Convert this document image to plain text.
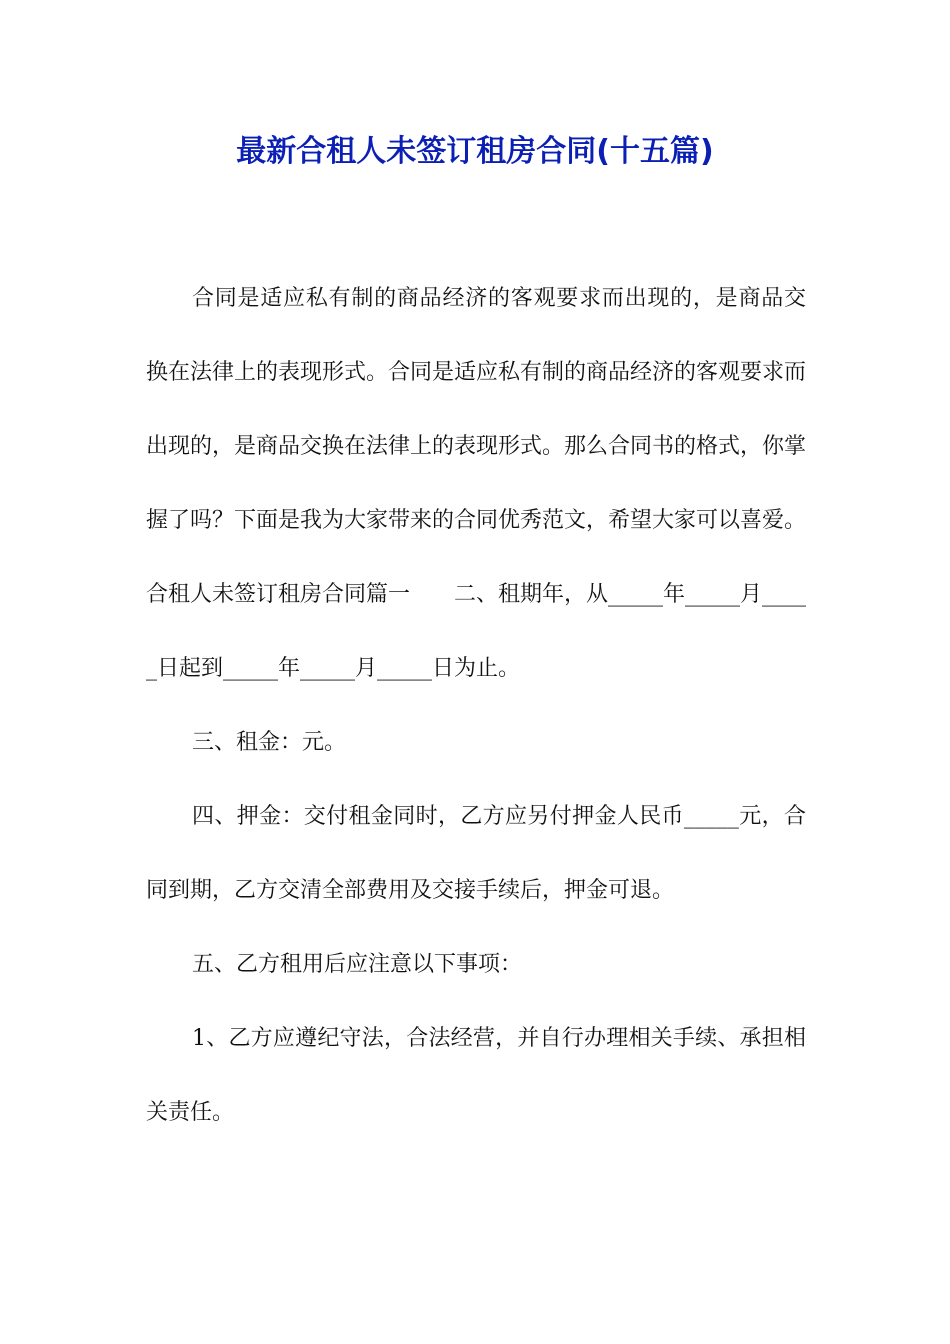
最新合租人未签订租房合同(十五篇)

合同是适应私有制的商品经济的客观要求而出现的，是商品交换在法律上的表现形式。合同是适应私有制的商品经济的客观要求而出现的，是商品交换在法律上的表现形式。那么合同书的格式，你掌握了吗？下面是我为大家带来的合同优秀范文，希望大家可以喜爱。

合租人未签订租房合同篇一　　二、租期年，从_____年_____月_____日起到_____年_____月_____日为止。

三、租金：元。

四、押金：交付租金同时，乙方应另付押金人民币_____元，合同到期，乙方交清全部费用及交接手续后，押金可退。

五、乙方租用后应注意以下事项：

1、乙方应遵纪守法，合法经营，并自行办理相关手续、承担相关责任。
